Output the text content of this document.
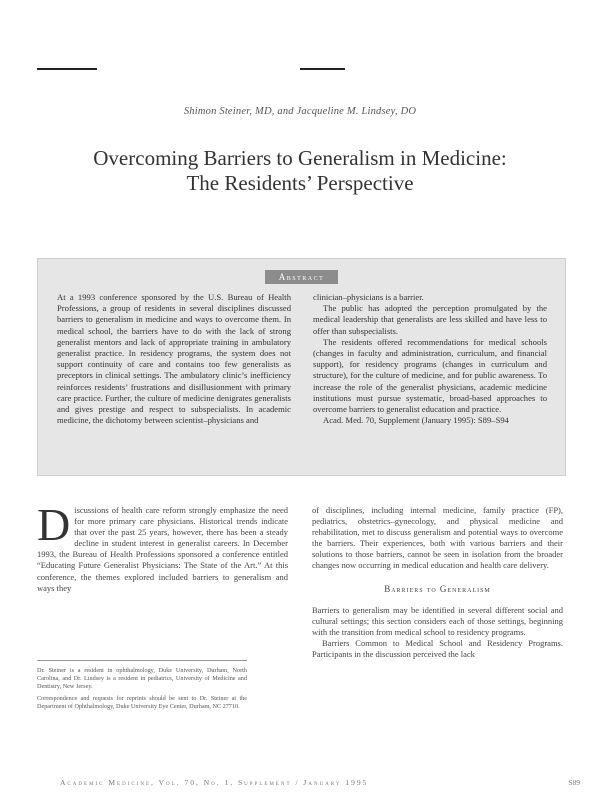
Shimon Steiner, MD, and Jacqueline M. Lindsey, DO
Overcoming Barriers to Generalism in Medicine:
The Residents’ Perspective
Abstract

At a 1993 conference sponsored by the U.S. Bureau of Health Professions, a group of residents in several disciplines discussed barriers to generalism in medicine and ways to overcome them. In medical school, the barriers have to do with the lack of strong generalist mentors and lack of appropriate training in ambulatory generalist practice. In residency programs, the system does not support continuity of care and contains too few generalists as preceptors in clinical settings. The ambulatory clinic’s inefficiency reinforces residents’ frustrations and disillusionment with primary care practice. Further, the culture of medicine denigrates generalists and gives prestige and respect to subspecialists. In academic medicine, the dichotomy between scientist–physicians and

clinician–physicians is a barrier.

The public has adopted the perception promulgated by the medical leadership that generalists are less skilled and have less to offer than subspecialists.

The residents offered recommendations for medical schools (changes in faculty and administration, curriculum, and financial support), for residency programs (changes in curriculum and structure), for the culture of medicine, and for public awareness. To increase the role of the generalist physicians, academic medicine institutions must pursue systematic, broad-based approaches to overcome barriers to generalist education and practice.

Acad. Med. 70, Supplement (January 1995): S89–S94

Discussions of health care reform strongly emphasize the need for more primary care physicians. Historical trends indicate that over the past 25 years, however, there has been a steady decline in student interest in generalist careers. In December 1993, the Bureau of Health Professions sponsored a conference entitled “Educating Future Generalist Physicians: The State of the Art.” At this conference, the themes explored included barriers to generalism and ways they

Dr. Steiner is a resident in ophthalmology, Duke University, Durham, North Carolina, and Dr. Lindsey is a resident in pediatrics, University of Medicine and Dentistry, New Jersey.

Correspondence and requests for reprints should be sent to Dr. Steiner at the Department of Ophthalmology, Duke University Eye Center, Durham, NC 27710.

of disciplines, including internal medicine, family practice (FP), pediatrics, obstetrics–gynecology, and physical medicine and rehabilitation, met to discuss generalism and potential ways to overcome the barriers. Their experiences, both with various barriers and their solutions to those barriers, cannot be seen in isolation from the broader changes now occurring in medical education and health care delivery.

Barriers to Generalism

Barriers to generalism may be identified in several different social and cultural settings; this section considers each of those settings, beginning with the transition from medical school to residency programs.

Barriers Common to Medical School and Residency Programs. Participants in the discussion perceived the lack

Academic Medicine, Vol. 70, No. 1, Supplement / January 1995	S89
